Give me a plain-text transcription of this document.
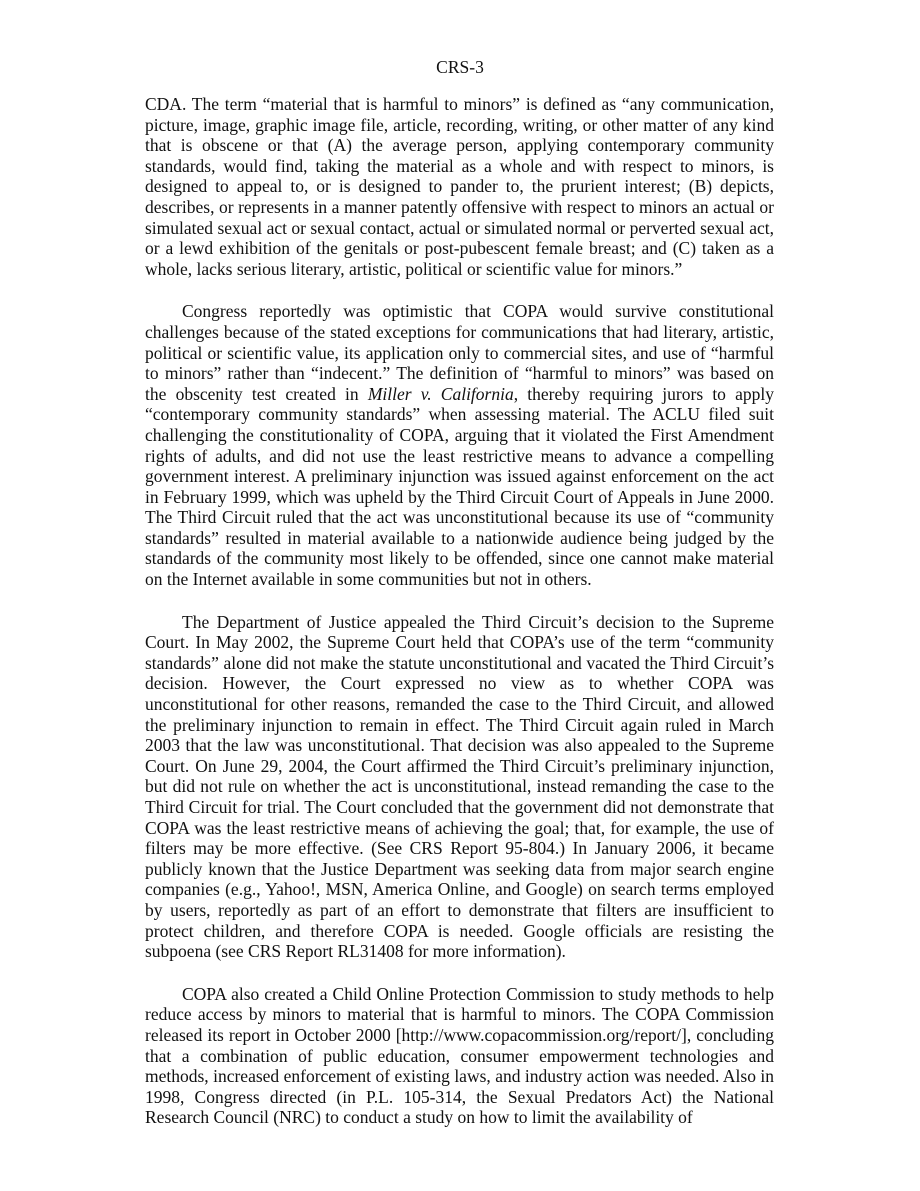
CRS-3

CDA. The term “material that is harmful to minors” is defined as “any communication, picture, image, graphic image file, article, recording, writing, or other matter of any kind that is obscene or that (A) the average person, applying contemporary community standards, would find, taking the material as a whole and with respect to minors, is designed to appeal to, or is designed to pander to, the prurient interest; (B) depicts, describes, or represents in a manner patently offensive with respect to minors an actual or simulated sexual act or sexual contact, actual or simulated normal or perverted sexual act, or a lewd exhibition of the genitals or post-pubescent female breast; and (C) taken as a whole, lacks serious literary, artistic, political or scientific value for minors.”

Congress reportedly was optimistic that COPA would survive constitutional challenges because of the stated exceptions for communications that had literary, artistic, political or scientific value, its application only to commercial sites, and use of “harmful to minors” rather than “indecent.” The definition of “harmful to minors” was based on the obscenity test created in Miller v. California, thereby requiring jurors to apply “contemporary community standards” when assessing material. The ACLU filed suit challenging the constitutionality of COPA, arguing that it violated the First Amendment rights of adults, and did not use the least restrictive means to advance a compelling government interest. A preliminary injunction was issued against enforcement on the act in February 1999, which was upheld by the Third Circuit Court of Appeals in June 2000. The Third Circuit ruled that the act was unconstitutional because its use of “community standards” resulted in material available to a nationwide audience being judged by the standards of the community most likely to be offended, since one cannot make material on the Internet available in some communities but not in others.

The Department of Justice appealed the Third Circuit’s decision to the Supreme Court. In May 2002, the Supreme Court held that COPA’s use of the term “community standards” alone did not make the statute unconstitutional and vacated the Third Circuit’s decision. However, the Court expressed no view as to whether COPA was unconstitutional for other reasons, remanded the case to the Third Circuit, and allowed the preliminary injunction to remain in effect. The Third Circuit again ruled in March 2003 that the law was unconstitutional. That decision was also appealed to the Supreme Court. On June 29, 2004, the Court affirmed the Third Circuit’s preliminary injunction, but did not rule on whether the act is unconstitutional, instead remanding the case to the Third Circuit for trial. The Court concluded that the government did not demonstrate that COPA was the least restrictive means of achieving the goal; that, for example, the use of filters may be more effective. (See CRS Report 95-804.) In January 2006, it became publicly known that the Justice Department was seeking data from major search engine companies (e.g., Yahoo!, MSN, America Online, and Google) on search terms employed by users, reportedly as part of an effort to demonstrate that filters are insufficient to protect children, and therefore COPA is needed. Google officials are resisting the subpoena (see CRS Report RL31408 for more information).

COPA also created a Child Online Protection Commission to study methods to help reduce access by minors to material that is harmful to minors. The COPA Commission released its report in October 2000 [http://www.copacommission.org/report/], concluding that a combination of public education, consumer empowerment technologies and methods, increased enforcement of existing laws, and industry action was needed. Also in 1998, Congress directed (in P.L. 105-314, the Sexual Predators Act) the National Research Council (NRC) to conduct a study on how to limit the availability of
